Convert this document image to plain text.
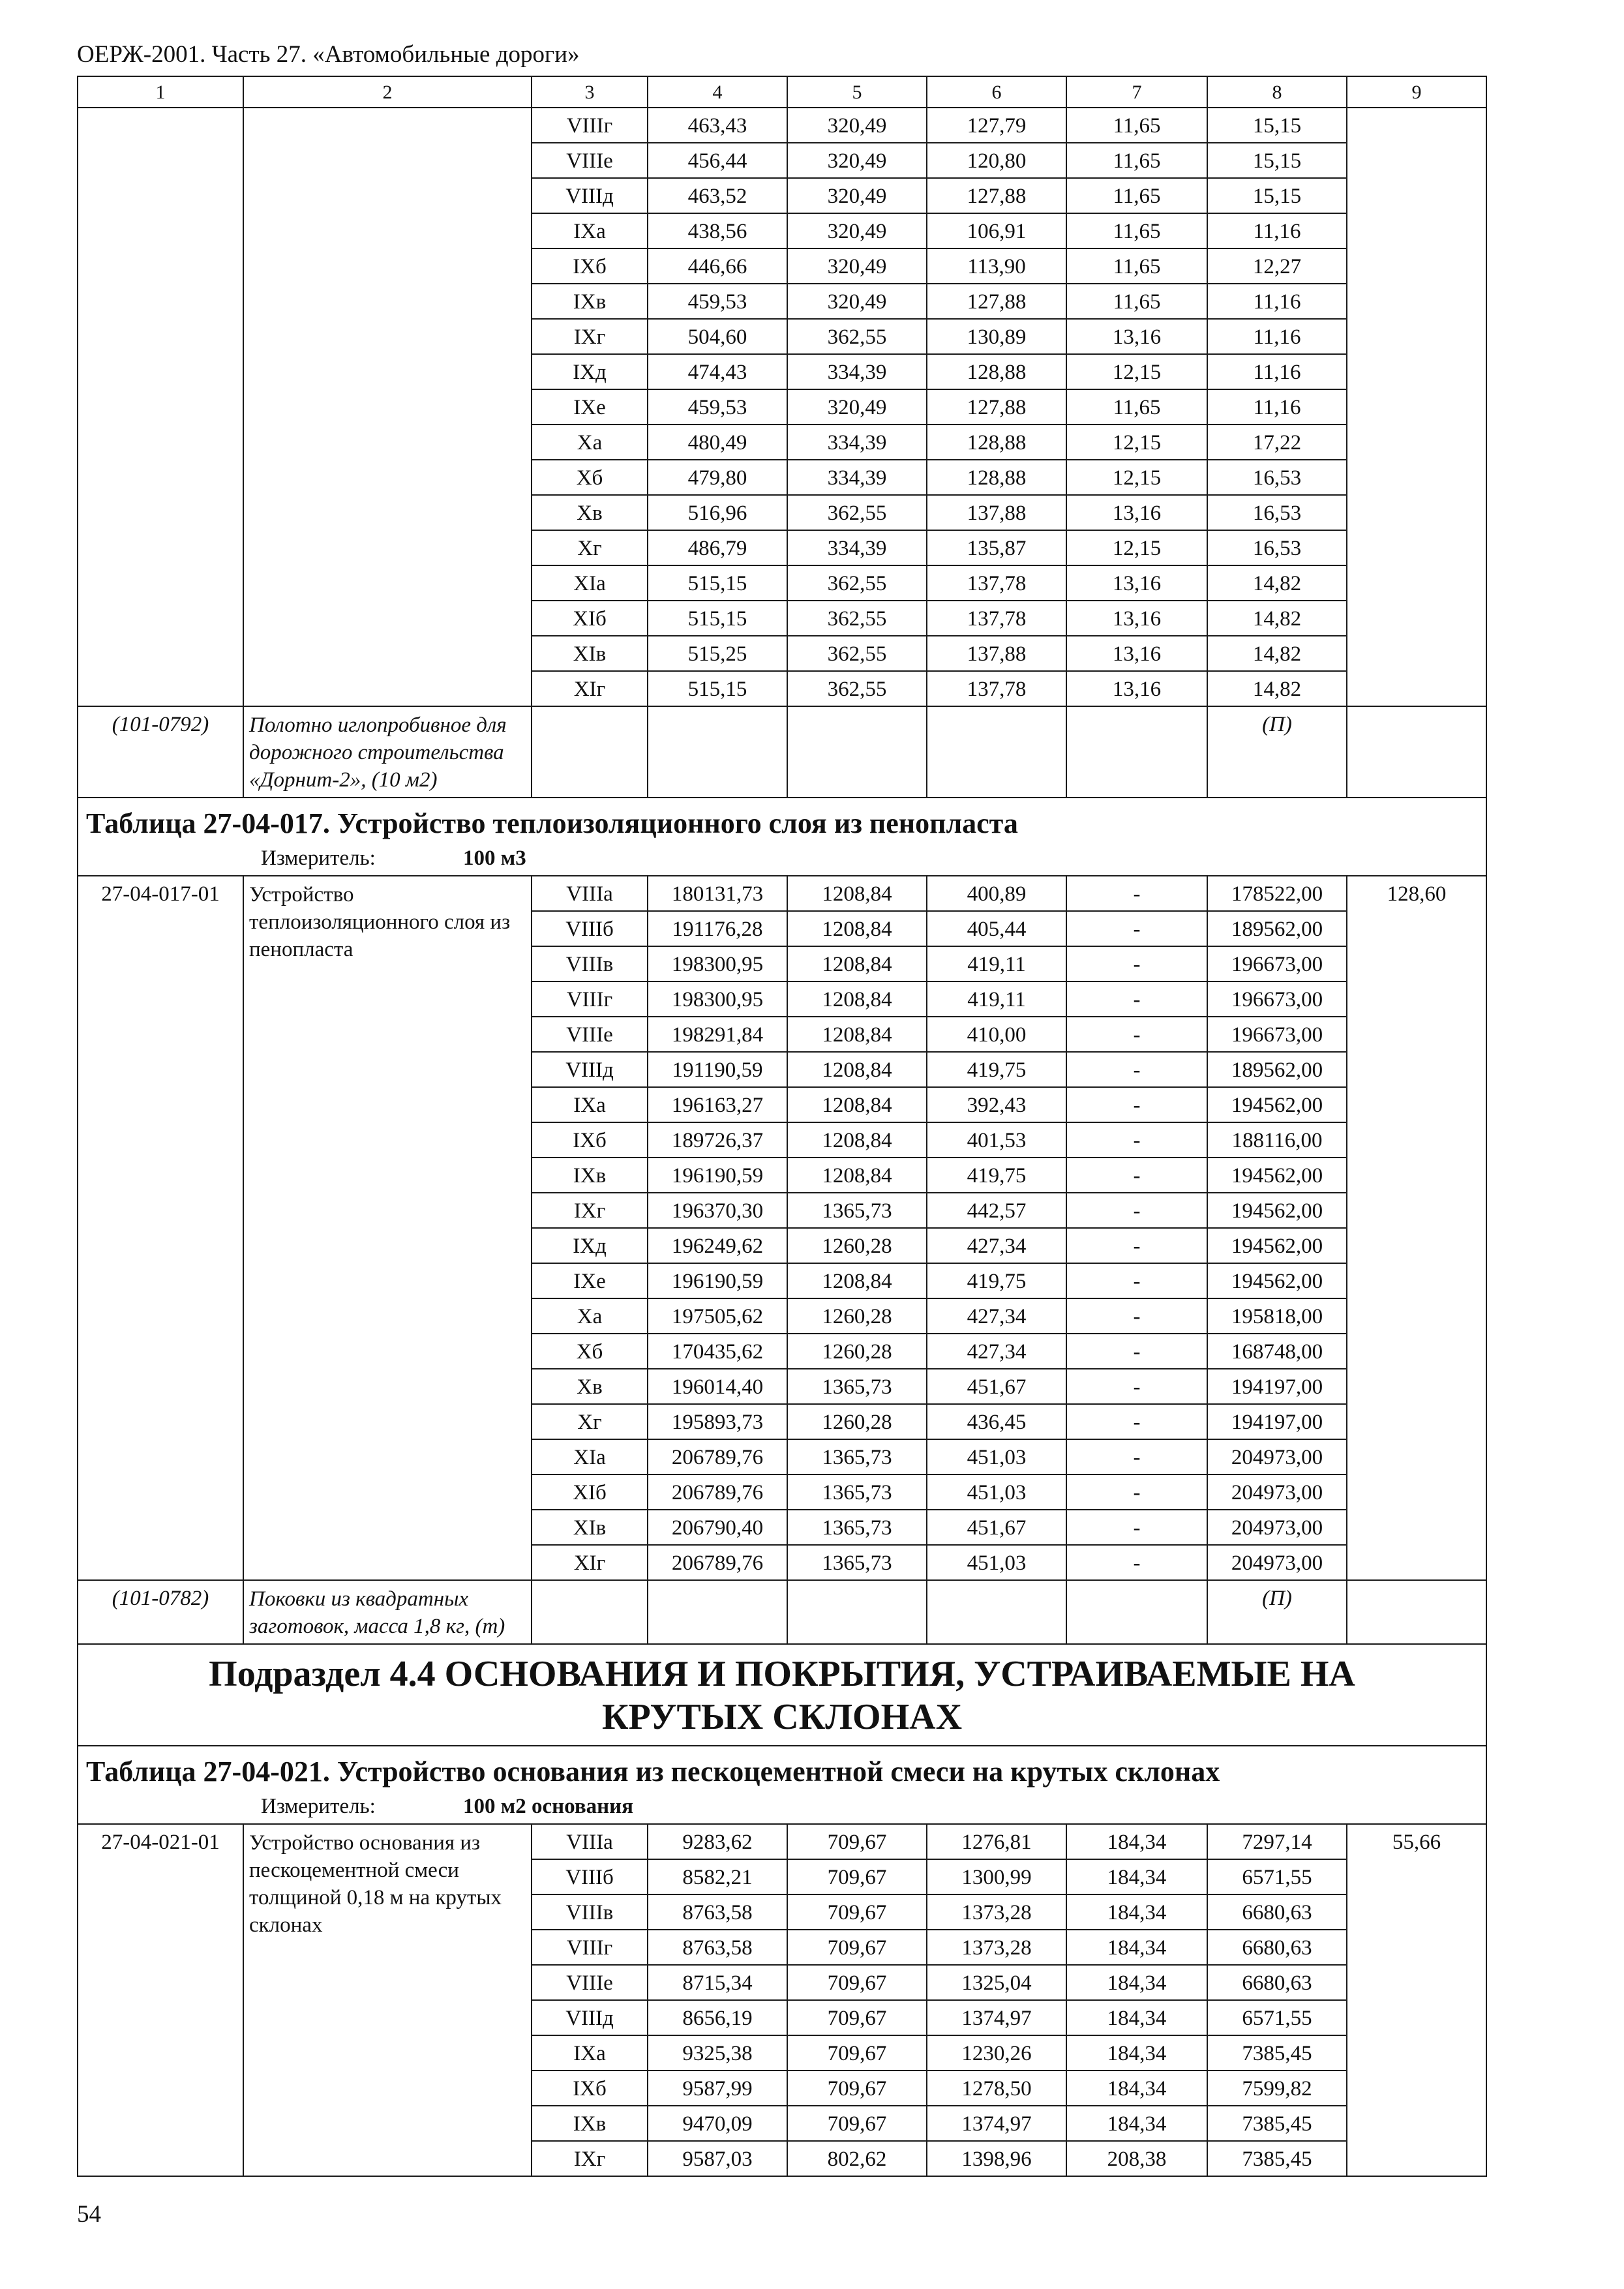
ОЕРЖ-2001. Часть 27. «Автомобильные дороги»
1	2	3	4	5	6	7	8	9
		VIIIг	463,43	320,49	127,79	11,65	15,15	
		VIIIе	456,44	320,49	120,80	11,65	15,15	
		VIIIд	463,52	320,49	127,88	11,65	15,15	
		IXа	438,56	320,49	106,91	11,65	11,16	
		IXб	446,66	320,49	113,90	11,65	12,27	
		IXв	459,53	320,49	127,88	11,65	11,16	
		IXг	504,60	362,55	130,89	13,16	11,16	
		IXд	474,43	334,39	128,88	12,15	11,16	
		IXе	459,53	320,49	127,88	11,65	11,16	
		Xа	480,49	334,39	128,88	12,15	17,22	
		Xб	479,80	334,39	128,88	12,15	16,53	
		Xв	516,96	362,55	137,88	13,16	16,53	
		Xг	486,79	334,39	135,87	12,15	16,53	
		XIа	515,15	362,55	137,78	13,16	14,82	
		XIб	515,15	362,55	137,78	13,16	14,82	
		XIв	515,25	362,55	137,88	13,16	14,82	
		XIг	515,15	362,55	137,78	13,16	14,82	
(101-0792)	Полотно иглопробивное для дорожного строительства «Дорнит-2», (10 м2)						(П)	
Таблица 27-04-017. Устройство теплоизоляционного слоя из пенопласта								
Измеритель: 100 м3								
27-04-017-01	Устройство теплоизоляционного слоя из пенопласта	VIIIа	180131,73	1208,84	400,89	-	178522,00	128,60
		VIIIб	191176,28	1208,84	405,44	-	189562,00	
		VIIIв	198300,95	1208,84	419,11	-	196673,00	
		VIIIг	198300,95	1208,84	419,11	-	196673,00	
		VIIIе	198291,84	1208,84	410,00	-	196673,00	
		VIIIд	191190,59	1208,84	419,75	-	189562,00	
		IXа	196163,27	1208,84	392,43	-	194562,00	
		IXб	189726,37	1208,84	401,53	-	188116,00	
		IXв	196190,59	1208,84	419,75	-	194562,00	
		IXг	196370,30	1365,73	442,57	-	194562,00	
		IXд	196249,62	1260,28	427,34	-	194562,00	
		IXе	196190,59	1208,84	419,75	-	194562,00	
		Xа	197505,62	1260,28	427,34	-	195818,00	
		Xб	170435,62	1260,28	427,34	-	168748,00	
		Xв	196014,40	1365,73	451,67	-	194197,00	
		Xг	195893,73	1260,28	436,45	-	194197,00	
		XIа	206789,76	1365,73	451,03	-	204973,00	
		XIб	206789,76	1365,73	451,03	-	204973,00	
		XIв	206790,40	1365,73	451,67	-	204973,00	
		XIг	206789,76	1365,73	451,03	-	204973,00	
(101-0782)	Поковки из квадратных заготовок, масса 1,8 кг, (т)						(П)	

Подраздел 4.4 ОСНОВАНИЯ И ПОКРЫТИЯ, УСТРАИВАЕМЫЕ НА
КРУТЫХ СКЛОНАХ								

Таблица 27-04-021. Устройство основания из пескоцементной смеси на крутых склонах								
Измеритель: 100 м2 основания								
27-04-021-01	Устройство основания из пескоцементной смеси толщиной 0,18 м на крутых склонах	VIIIа	9283,62	709,67	1276,81	184,34	7297,14	55,66
		VIIIб	8582,21	709,67	1300,99	184,34	6571,55	
		VIIIв	8763,58	709,67	1373,28	184,34	6680,63	
		VIIIг	8763,58	709,67	1373,28	184,34	6680,63	
		VIIIе	8715,34	709,67	1325,04	184,34	6680,63	
		VIIIд	8656,19	709,67	1374,97	184,34	6571,55	
		IXа	9325,38	709,67	1230,26	184,34	7385,45	
		IXб	9587,99	709,67	1278,50	184,34	7599,82	
		IXв	9470,09	709,67	1374,97	184,34	7385,45	
		IXг	9587,03	802,62	1398,96	208,38	7385,45	
54
